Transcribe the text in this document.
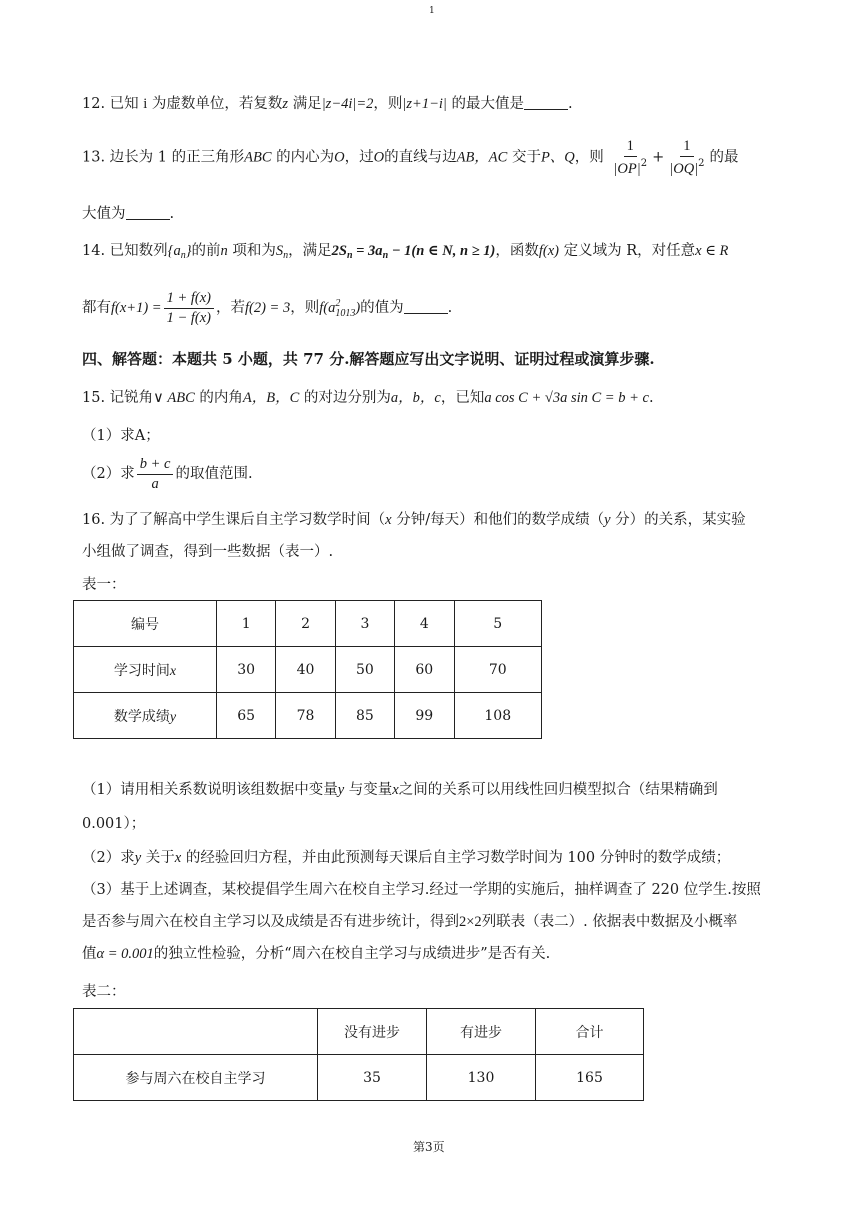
1
12. 已知 i 为虚数单位，若复数z 满足|z−4i|=2，则|z+1−i| 的最大值是	.
13. 边长为 1 的正三角形ABC 的内心为O，过O的直线与边AB，AC 交于P、Q，则 $\frac{1}{|OP|^2} + \frac{1}{|OQ|^2}$ 的最
大值为	.
14. 已知数列$\{a_n\}$的前n 项和为$S_n$，满足$2S_n = 3a_n - 1(n$ ∈ N, n ≥ 1)，函数f(x) 定义域为 R，对任意x ∈ R
都有$f(x+1) = \frac{1 + f(x)}{1 - f(x)}$ ，若f(2) = 3，则f(a 2
1013 )的值为	.
四、解答题：本题共 5 小题，共 77 分.解答题应写出文字说明、证明过程或演算步骤.
15. 记锐角∨ ABC 的内角A，B，C 的对边分别为a，b，c，已知a cos C + √3a sin C = b + c.
（1）求A；
（2）求 $\frac{b + c}{a}$ 的取值范围.
16. 为了了解高中学生课后自主学习数学时间（x 分钟/每天）和他们的数学成绩（y 分）的关系，某实验
小组做了调查，得到一些数据（表一）.
表一：
编号	1	2	3	4	5
学习时间x	30	40	50	60	70
数学成绩y	65	78	85	99	108
（1）请用相关系数说明该组数据中变量y 与变量x之间的关系可以用线性回归模型拟合（结果精确到
0.001）；
（2）求y 关于x 的经验回归方程，并由此预测每天课后自主学习数学时间为 100 分钟时的数学成绩；
（3）基于上述调查，某校提倡学生周六在校自主学习.经过一学期的实施后，抽样调查了 220 位学生.按照
是否参与周六在校自主学习以及成绩是否有进步统计，得到2×2列联表（表二）. 依据表中数据及小概率
值α = 0.001的独立性检验，分析“周六在校自主学习与成绩进步”是否有关.
表二：
	没有进步	有进步	合计
参与周六在校自主学习	35	130	165
第3页
